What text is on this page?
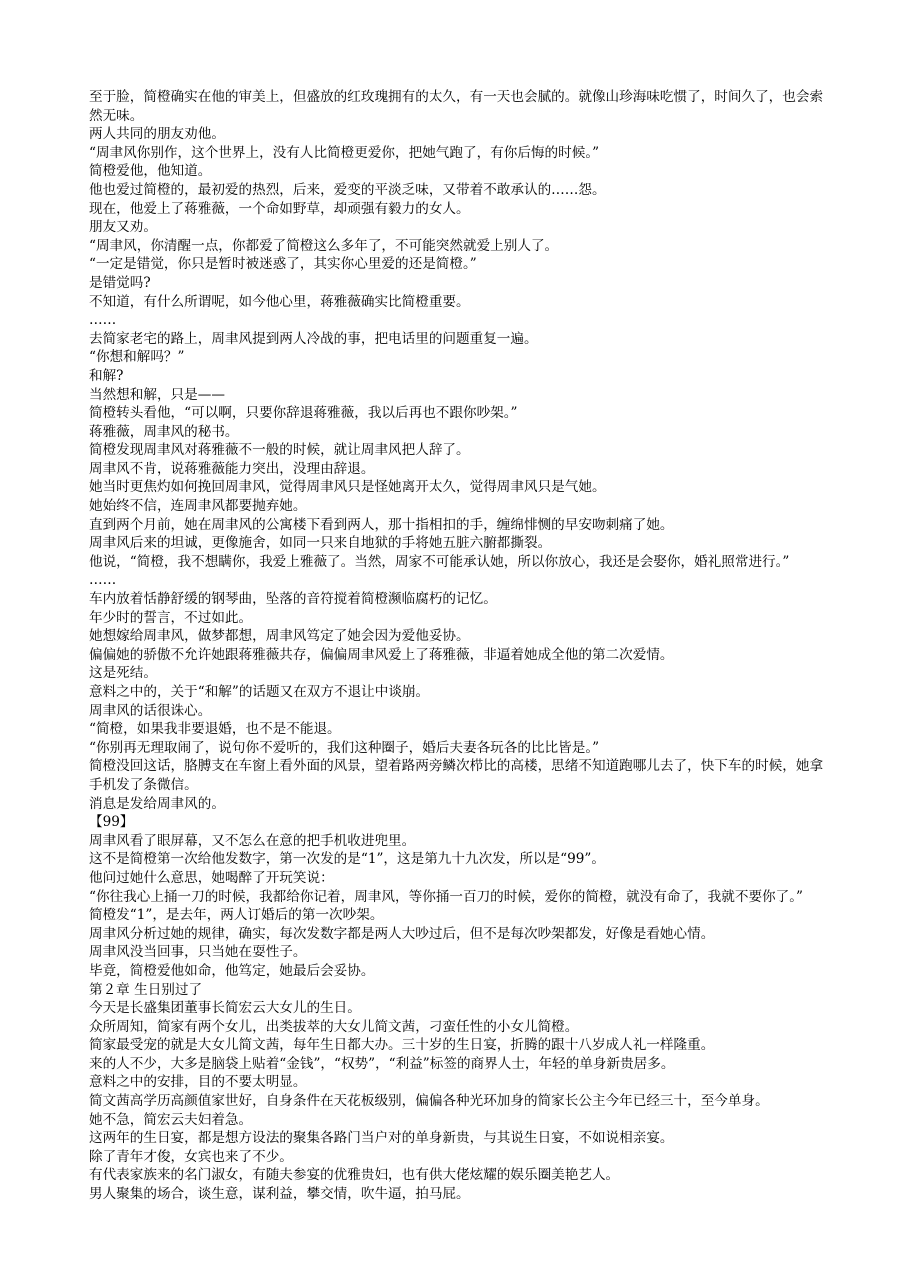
至于脸，简橙确实在他的审美上，但盛放的红玫瑰拥有的太久，有一天也会腻的。就像山珍海味吃惯了，时间久了，也会索然无味。

两人共同的朋友劝他。

“周聿风你别作，这个世界上，没有人比简橙更爱你，把她气跑了，有你后悔的时候。”

简橙爱他，他知道。

他也爱过简橙的，最初爱的热烈，后来，爱变的平淡乏味，又带着不敢承认的……怨。

现在，他爱上了蒋雅薇，一个命如野草，却顽强有毅力的女人。

朋友又劝。

“周聿风，你清醒一点，你都爱了简橙这么多年了，不可能突然就爱上别人了。

“一定是错觉，你只是暂时被迷惑了，其实你心里爱的还是简橙。”

是错觉吗?

不知道，有什么所谓呢，如今他心里，蒋雅薇确实比简橙重要。

……

去简家老宅的路上，周聿风提到两人冷战的事，把电话里的问题重复一遍。

“你想和解吗？”

和解?

当然想和解，只是——

简橙转头看他，“可以啊，只要你辞退蒋雅薇，我以后再也不跟你吵架。”

蒋雅薇，周聿风的秘书。

简橙发现周聿风对蒋雅薇不一般的时候，就让周聿风把人辞了。

周聿风不肯，说蒋雅薇能力突出，没理由辞退。

她当时更焦灼如何挽回周聿风，觉得周聿风只是怪她离开太久，觉得周聿风只是气她。

她始终不信，连周聿风都要抛弃她。

直到两个月前，她在周聿风的公寓楼下看到两人，那十指相扣的手，缠绵悱恻的早安吻刺痛了她。

周聿风后来的坦诚，更像施舍，如同一只来自地狱的手将她五脏六腑都撕裂。

他说，“简橙，我不想瞒你，我爱上雅薇了。当然，周家不可能承认她，所以你放心，我还是会娶你，婚礼照常进行。”

……

车内放着恬静舒缓的钢琴曲，坠落的音符搅着简橙濒临腐朽的记忆。

年少时的誓言，不过如此。

她想嫁给周聿风，做梦都想，周聿风笃定了她会因为爱他妥协。

偏偏她的骄傲不允许她跟蒋雅薇共存，偏偏周聿风爱上了蒋雅薇，非逼着她成全他的第二次爱情。

这是死结。

意料之中的，关于“和解”的话题又在双方不退让中谈崩。

周聿风的话很诛心。

“简橙，如果我非要退婚，也不是不能退。

“你别再无理取闹了，说句你不爱听的，我们这种圈子，婚后夫妻各玩各的比比皆是。”

简橙没回这话，胳膊支在车窗上看外面的风景，望着路两旁鳞次栉比的高楼，思绪不知道跑哪儿去了，快下车的时候，她拿手机发了条微信。

消息是发给周聿风的。

【99】

周聿风看了眼屏幕，又不怎么在意的把手机收进兜里。

这不是简橙第一次给他发数字，第一次发的是“1”，这是第九十九次发，所以是“99”。

他问过她什么意思，她喝醉了开玩笑说：

“你往我心上捅一刀的时候，我都给你记着，周聿风，等你捅一百刀的时候，爱你的简橙，就没有命了，我就不要你了。”

简橙发“1”，是去年，两人订婚后的第一次吵架。

周聿风分析过她的规律，确实，每次发数字都是两人大吵过后，但不是每次吵架都发，好像是看她心情。

周聿风没当回事，只当她在耍性子。

毕竟，简橙爱他如命，他笃定，她最后会妥协。

第２章 生日别过了

今天是长盛集团董事长简宏云大女儿的生日。

众所周知，简家有两个女儿，出类拔萃的大女儿简文茜，刁蛮任性的小女儿简橙。

简家最受宠的就是大女儿简文茜，每年生日都大办。三十岁的生日宴，折腾的跟十八岁成人礼一样隆重。

来的人不少，大多是脑袋上贴着“金钱”，“权势”，“利益”标签的商界人士，年轻的单身新贵居多。

意料之中的安排，目的不要太明显。

简文茜高学历高颜值家世好，自身条件在天花板级别，偏偏各种光环加身的简家长公主今年已经三十，至今单身。

她不急，简宏云夫妇着急。

这两年的生日宴，都是想方设法的聚集各路门当户对的单身新贵，与其说生日宴，不如说相亲宴。

除了青年才俊，女宾也来了不少。

有代表家族来的名门淑女，有随夫参宴的优雅贵妇，也有供大佬炫耀的娱乐圈美艳艺人。

男人聚集的场合，谈生意，谋利益，攀交情，吹牛逼，拍马屁。
